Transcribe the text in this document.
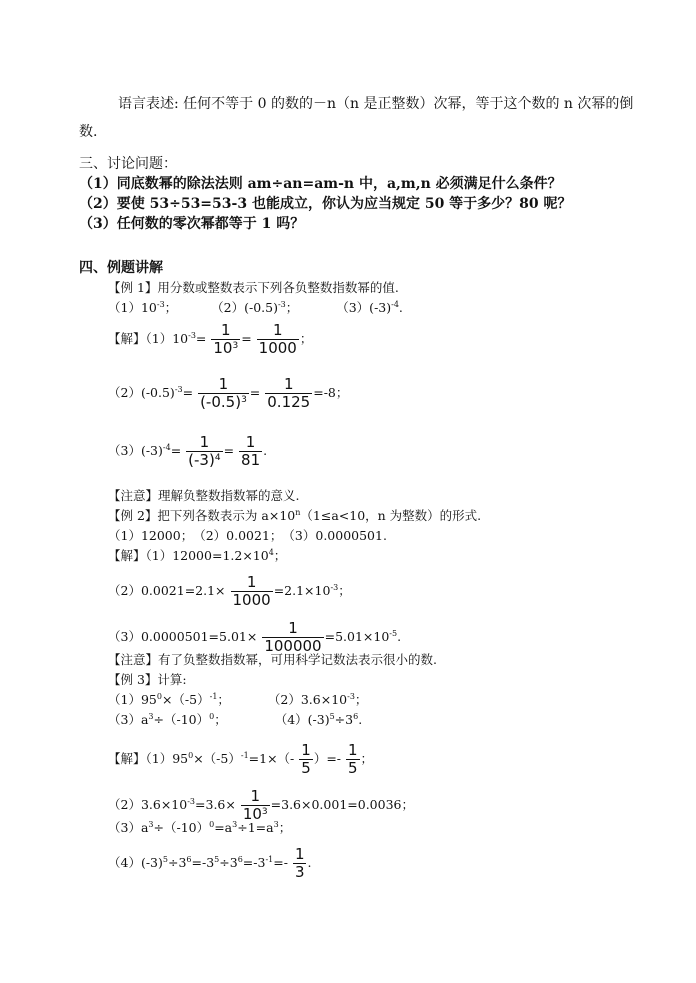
语言表述: 任何不等于 0 的数的－n（n 是正整数）次幂，等于这个数的 n 次幂的倒
数.
三、讨论问题：
（1）同底数幂的除法法则 am÷an=am-n 中，a,m,n 必须满足什么条件？
（2）要使 53÷53=53-3 也能成立，你认为应当规定 50 等于多少？80 呢？
（3）任何数的零次幂都等于 1 吗？
四、例题讲解
【例 1】用分数或整数表示下列各负整数指数幂的值.
$(1)10^{-3}$；	$(2)(-0.5)^{-3}$；	$(3)(-3)^{-4}$.
【解】$(1)10^{-3}= \frac{1}{10^3} = \frac{1}{1000}$ ；
$(2)(-0.5)^{-3}= \frac{1}{(-0.5)^3} = \frac{1}{0.125} =-8$；
$(3)(-3)^{-4}= \frac{1}{(-3)^4} = \frac{1}{81}$ .
【注意】理解负整数指数幂的意义.
【例 2】把下列各数表示为 $a\times 10^n(1\le a<10$，n 为整数）的形式.
（1）12000；　（2）0.0021；　（3）0.0000501.
【解】$(1)12000=1.2\times 10^4$；
$(2)0.0021=2.1\times \frac{1}{1000} =2.1\times 10^{-3}$；
$(3)0.0000501=5.01\times \frac{1}{100000} =5.01\times 10^{-5}$.
【注意】有了负整数指数幂，可用科学记数法表示很小的数.
【例 3】计算:
$(1)95^0\times(-5)^{-1}$；	$(2)3.6\times 10^{-3}$；
$(3)a^3\div(-10)^0$；	$(4)(-3)^5\div 3^6$.
【解】$(1)95^0\times(-5)^{-1}=1\times(- \frac{1}{5}$ ）=- $\frac{1}{5}$ ；
$(2)3.6\times 10^{-3}=3.6\times \frac{1}{10^3} =3.6\times 0.001=0.0036$；
$(3)a^3\div(-10)^0=a^3\div 1=a^3$；
$(4)(-3)^5\div 3^6=-3^5\div 3^6=-3^{-1}=- \frac{1}{3}$ .
